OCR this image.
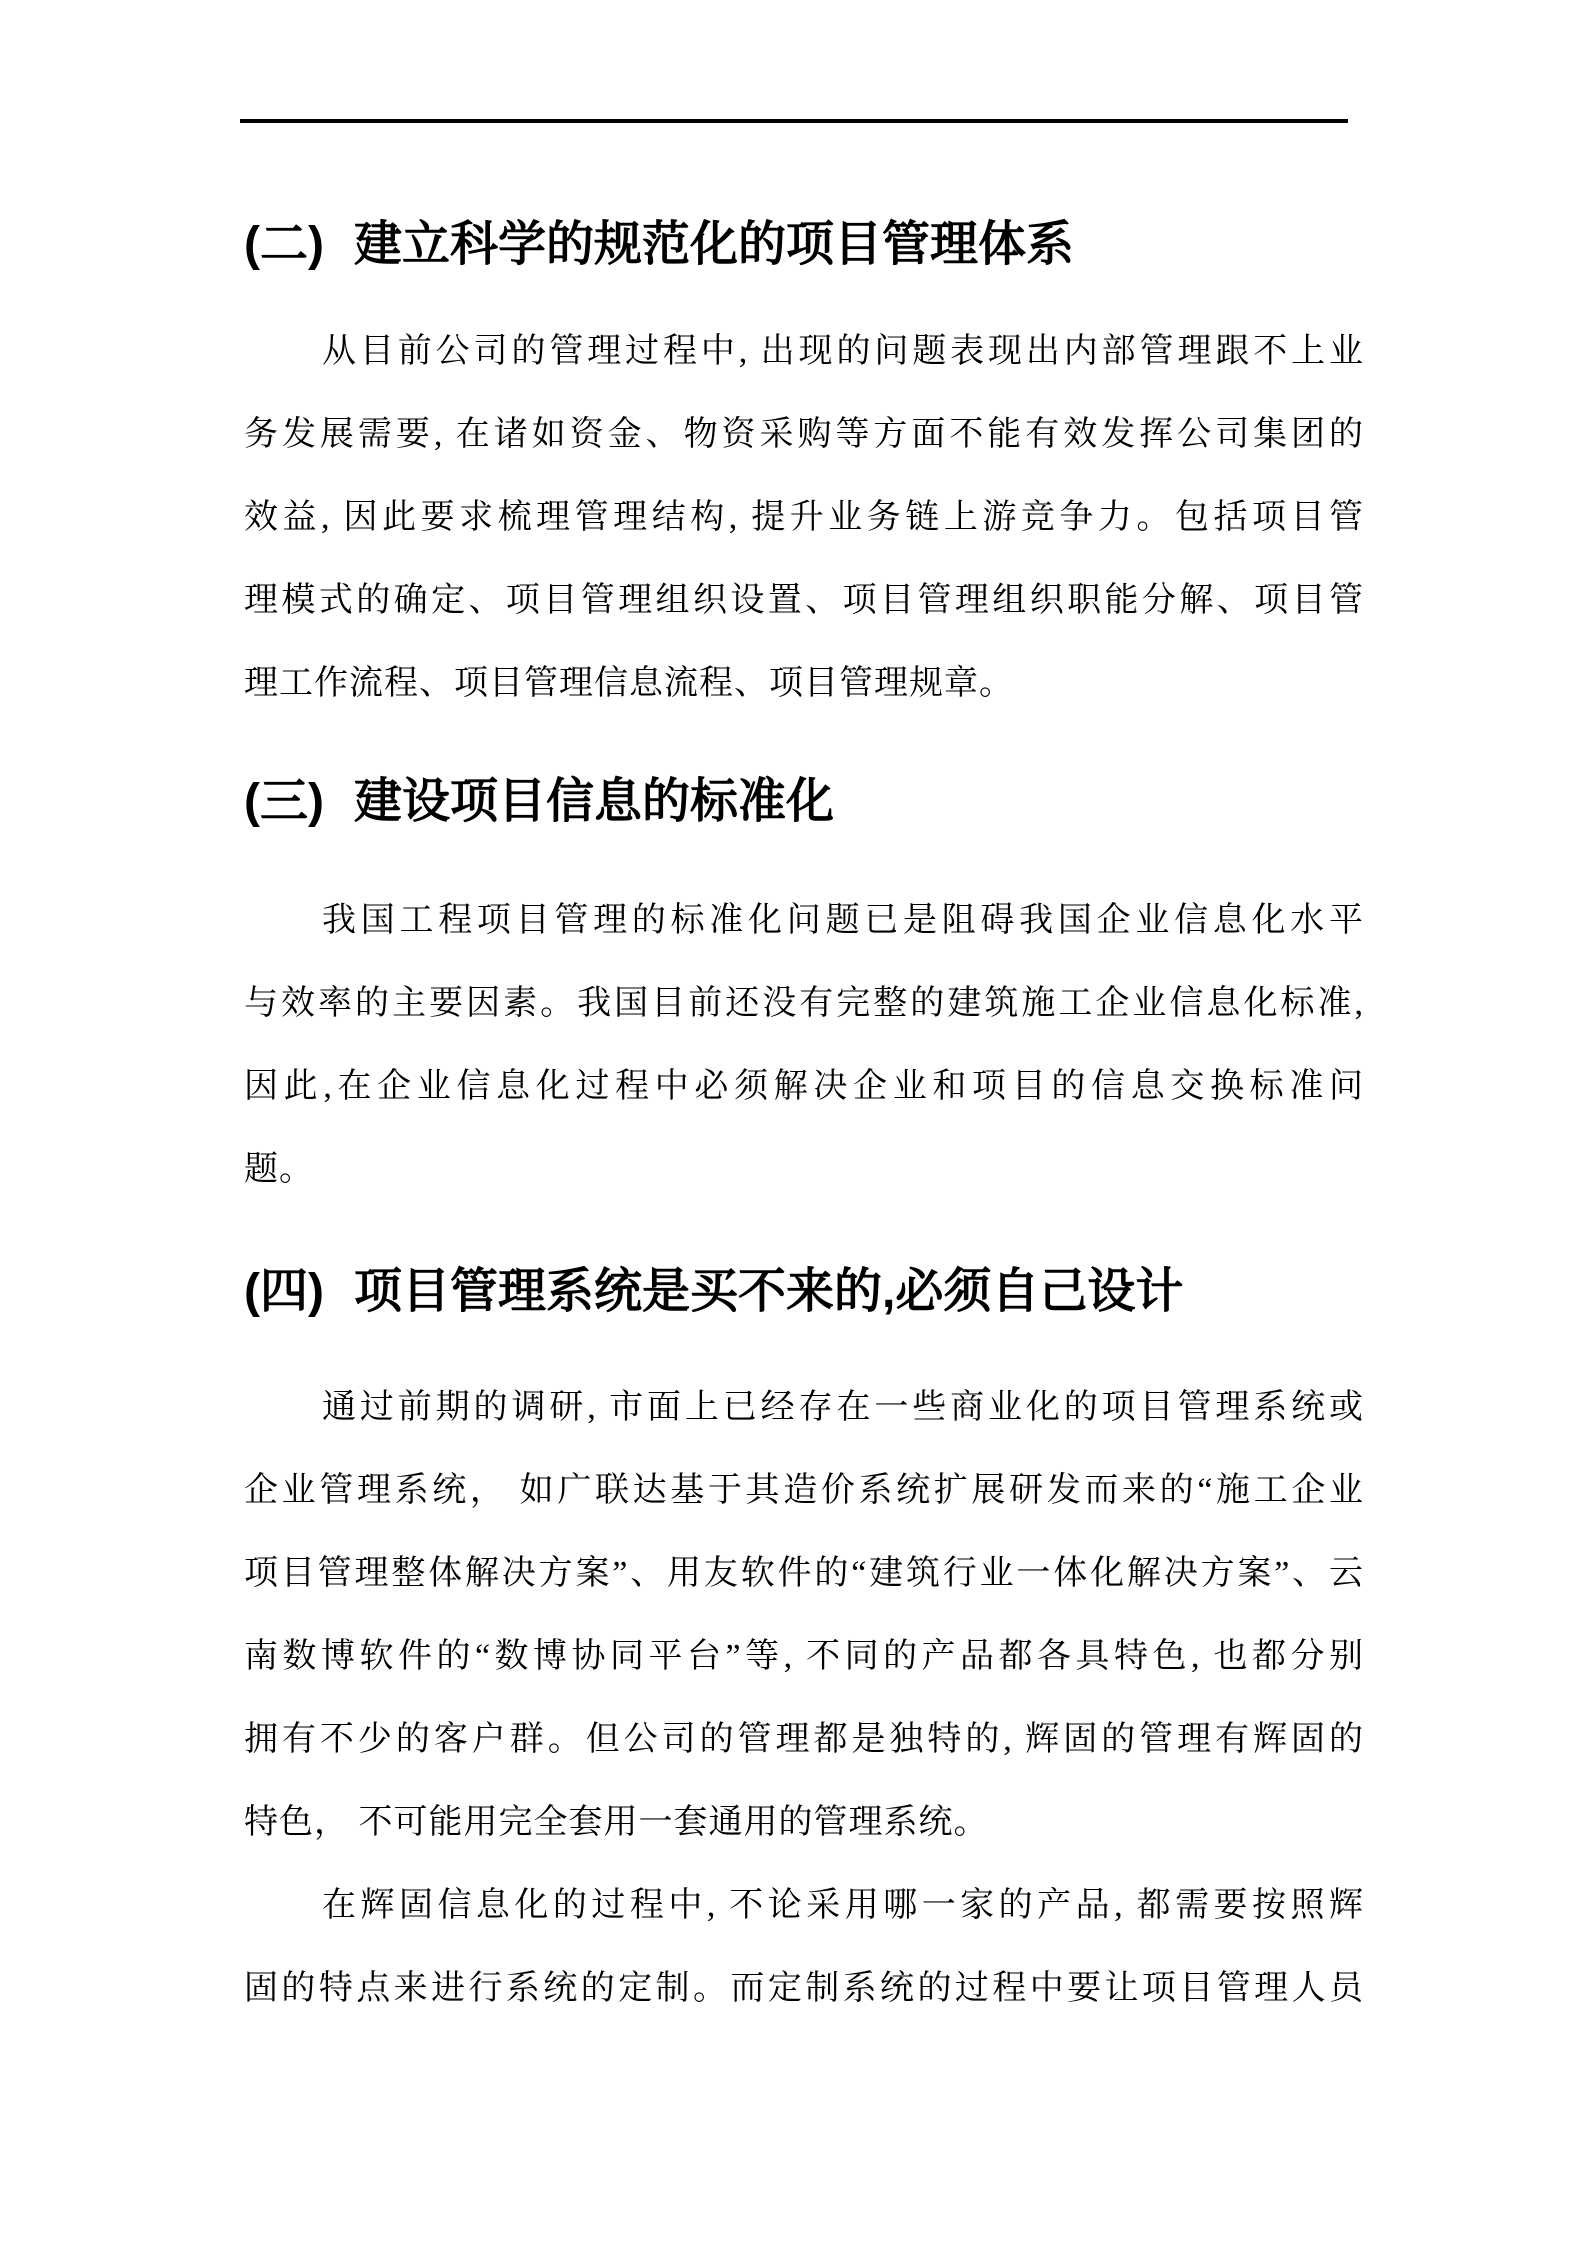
(二) 建立科学的规范化的项目管理体系
从目前公司的管理过程中, 出现的问题表现出内部管理跟不上业
务发展需要, 在诸如资金、物资采购等方面不能有效发挥公司集团的
效益, 因此要求梳理管理结构, 提升业务链上游竞争力。包括项目管
理模式的确定、项目管理组织设置、项目管理组织职能分解、项目管
理工作流程、项目管理信息流程、项目管理规章。
(三) 建设项目信息的标准化
我国工程项目管理的标准化问题已是阻碍我国企业信息化水平
与效率的主要因素。我国目前还没有完整的建筑施工企业信息化标准,
因此,在企业信息化过程中必须解决企业和项目的信息交换标准问
题。
(四) 项目管理系统是买不来的,必须自己设计
通过前期的调研, 市面上已经存在一些商业化的项目管理系统或
企业管理系统， 如广联达基于其造价系统扩展研发而来的“施工企业
项目管理整体解决方案”、用友软件的“建筑行业一体化解决方案”、云
南数博软件的“数博协同平台”等, 不同的产品都各具特色, 也都分别
拥有不少的客户群。但公司的管理都是独特的, 辉固的管理有辉固的
特色， 不可能用完全套用一套通用的管理系统。
在辉固信息化的过程中, 不论采用哪一家的产品, 都需要按照辉
固的特点来进行系统的定制。而定制系统的过程中要让项目管理人员
